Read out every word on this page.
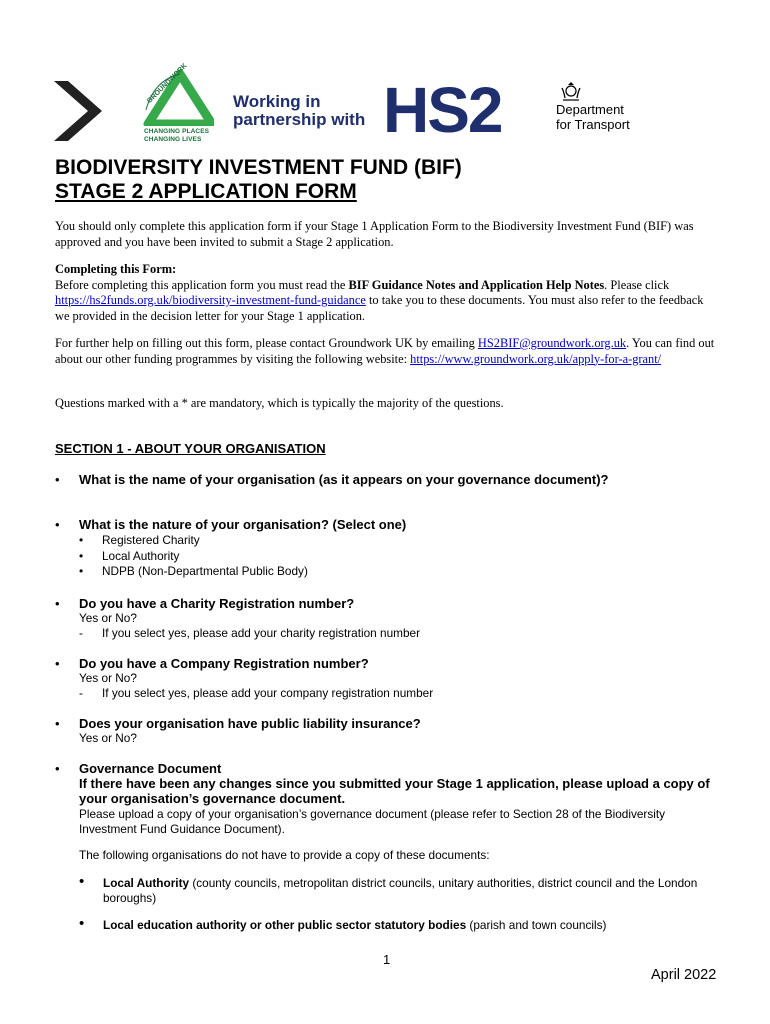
GROUNDWORK
CHANGING PLACES
CHANGING LIVES
Working in
partnership with HS2	Department
for Transport
BIODIVERSITY INVESTMENT FUND (BIF)
STAGE 2 APPLICATION FORM
You should only complete this application form if your Stage 1 Application Form to the Biodiversity Investment Fund (BIF) was approved and you have been invited to submit a Stage 2 application.
Completing this Form:
Before completing this application form you must read the BIF Guidance Notes and Application Help Notes. Please click https://hs2funds.org.uk/biodiversity-investment-fund-guidance to take you to these documents. You must also refer to the feedback we provided in the decision letter for your Stage 1 application.
For further help on filling out this form, please contact Groundwork UK by emailing HS2BIF@groundwork.org.uk. You can find out about our other funding programmes by visiting the following website: https://www.groundwork.org.uk/apply-for-a-grant/
Questions marked with a * are mandatory, which is typically the majority of the questions.
SECTION 1 - ABOUT YOUR ORGANISATION
• What is the name of your organisation (as it appears on your governance document)?
• What is the nature of your organisation? (Select one)
• Registered Charity
• Local Authority
• NDPB (Non-Departmental Public Body)
• Do you have a Charity Registration number?
Yes or No?
- If you select yes, please add your charity registration number
• Do you have a Company Registration number?
Yes or No?
- If you select yes, please add your company registration number
• Does your organisation have public liability insurance?
Yes or No?
• Governance Document
If there have been any changes since you submitted your Stage 1 application, please upload a copy of your organisation’s governance document.
Please upload a copy of your organisation’s governance document (please refer to Section 28 of the Biodiversity Investment Fund Guidance Document).
The following organisations do not have to provide a copy of these documents:
•	Local Authority (county councils, metropolitan district councils, unitary authorities, district council and the London boroughs)
•	Local education authority or other public sector statutory bodies (parish and town councils)
1
April 2022
